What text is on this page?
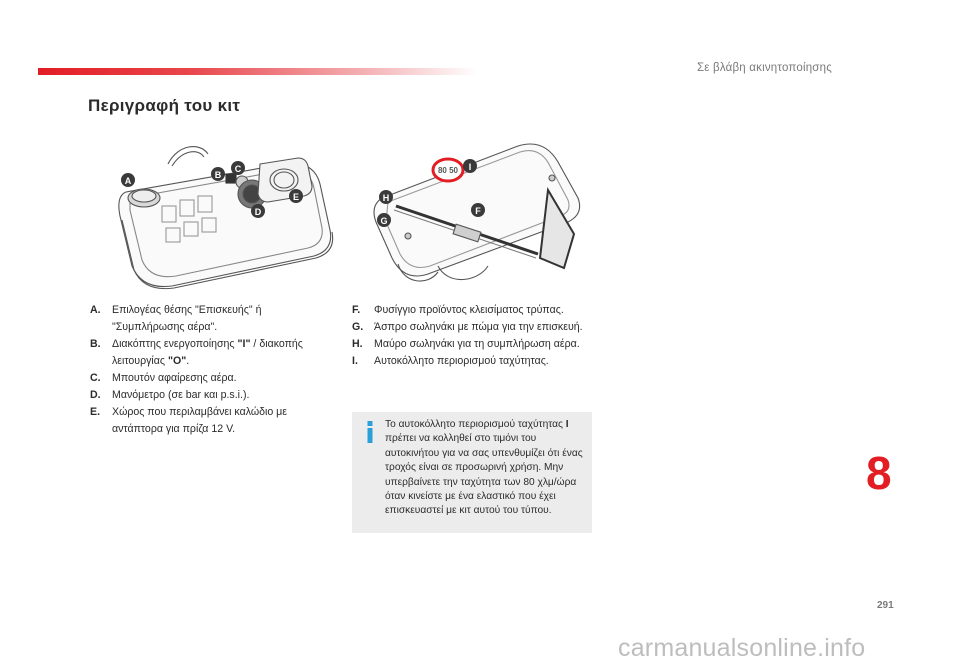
Σε βλάβη ακινητοποίησης
Περιγραφή του κιτ
A
B
C
D
E
80 50 I
H
F
G
A.	Επιλογέας θέσης "Επισκευής" ή "Συμπλήρωσης αέρα".
B.	Διακόπτης ενεργοποίησης "I" / διακοπής λειτουργίας "O".
C.	Μπουτόν αφαίρεσης αέρα.
D.	Μανόμετρο (σε bar και p.s.i.).
E.	Χώρος που περιλαμβάνει καλώδιο με αντάπτορα για πρίζα 12 V.
F.	Φυσίγγιο προϊόντος κλεισίματος τρύπας.
G.	Άσπρο σωληνάκι με πώμα για την επισκευή.
H.	Μαύρο σωληνάκι για τη συμπλήρωση αέρα.
I.	Αυτοκόλλητο περιορισμού ταχύτητας.
Το αυτοκόλλητο περιορισμού ταχύτητας I πρέπει να κολληθεί στο τιμόνι του αυτοκινήτου για να σας υπενθυμίζει ότι ένας τροχός είναι σε προσωρινή χρήση. Μην υπερβαίνετε την ταχύτητα των 80 χλμ/ώρα όταν κινείστε με ένα ελαστικό που έχει επισκευαστεί με κιτ αυτού του τύπου.
8
291
carmanualsonline.info
